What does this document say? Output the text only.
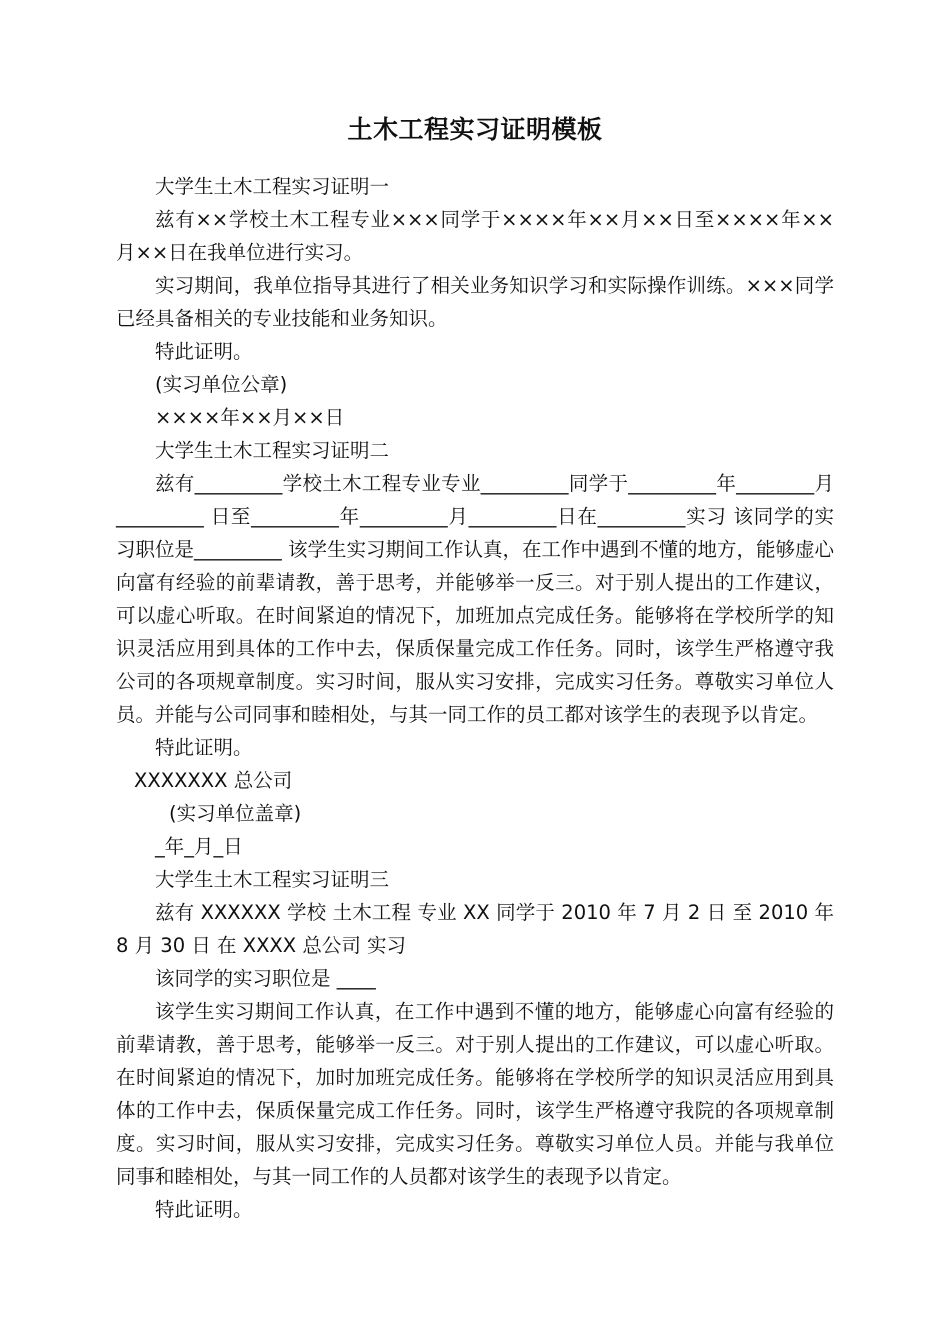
土木工程实习证明模板

大学生土木工程实习证明一

兹有××学校土木工程专业×××同学于××××年××月××日至××××年××月××日在我单位进行实习。

实习期间，我单位指导其进行了相关业务知识学习和实际操作训练。×××同学已经具备相关的专业技能和业务知识。

特此证明。

(实习单位公章)

××××年××月××日

大学生土木工程实习证明二

兹有_________学校土木工程专业专业_________同学于_________年________月_________ 日至_________年_________月_________日在_________实习 该同学的实习职位是_________ 该学生实习期间工作认真，在工作中遇到不懂的地方，能够虚心向富有经验的前辈请教，善于思考，并能够举一反三。对于别人提出的工作建议，可以虚心听取。在时间紧迫的情况下，加班加点完成任务。能够将在学校所学的知识灵活应用到具体的工作中去，保质保量完成工作任务。同时，该学生严格遵守我公司的各项规章制度。实习时间，服从实习安排，完成实习任务。尊敬实习单位人员。并能与公司同事和睦相处，与其一同工作的员工都对该学生的表现予以肯定。

特此证明。

XXXXXXX 总公司

(实习单位盖章)

_年_月_日

大学生土木工程实习证明三

兹有 XXXXXX 学校 土木工程 专业 XX 同学于 2010 年 7 月 2 日 至 2010 年 8 月 30 日 在 XXXX 总公司 实习

该同学的实习职位是 ____

该学生实习期间工作认真，在工作中遇到不懂的地方，能够虚心向富有经验的前辈请教，善于思考，能够举一反三。对于别人提出的工作建议，可以虚心听取。在时间紧迫的情况下，加时加班完成任务。能够将在学校所学的知识灵活应用到具体的工作中去，保质保量完成工作任务。同时，该学生严格遵守我院的各项规章制度。实习时间，服从实习安排，完成实习任务。尊敬实习单位人员。并能与我单位同事和睦相处，与其一同工作的人员都对该学生的表现予以肯定。

特此证明。
